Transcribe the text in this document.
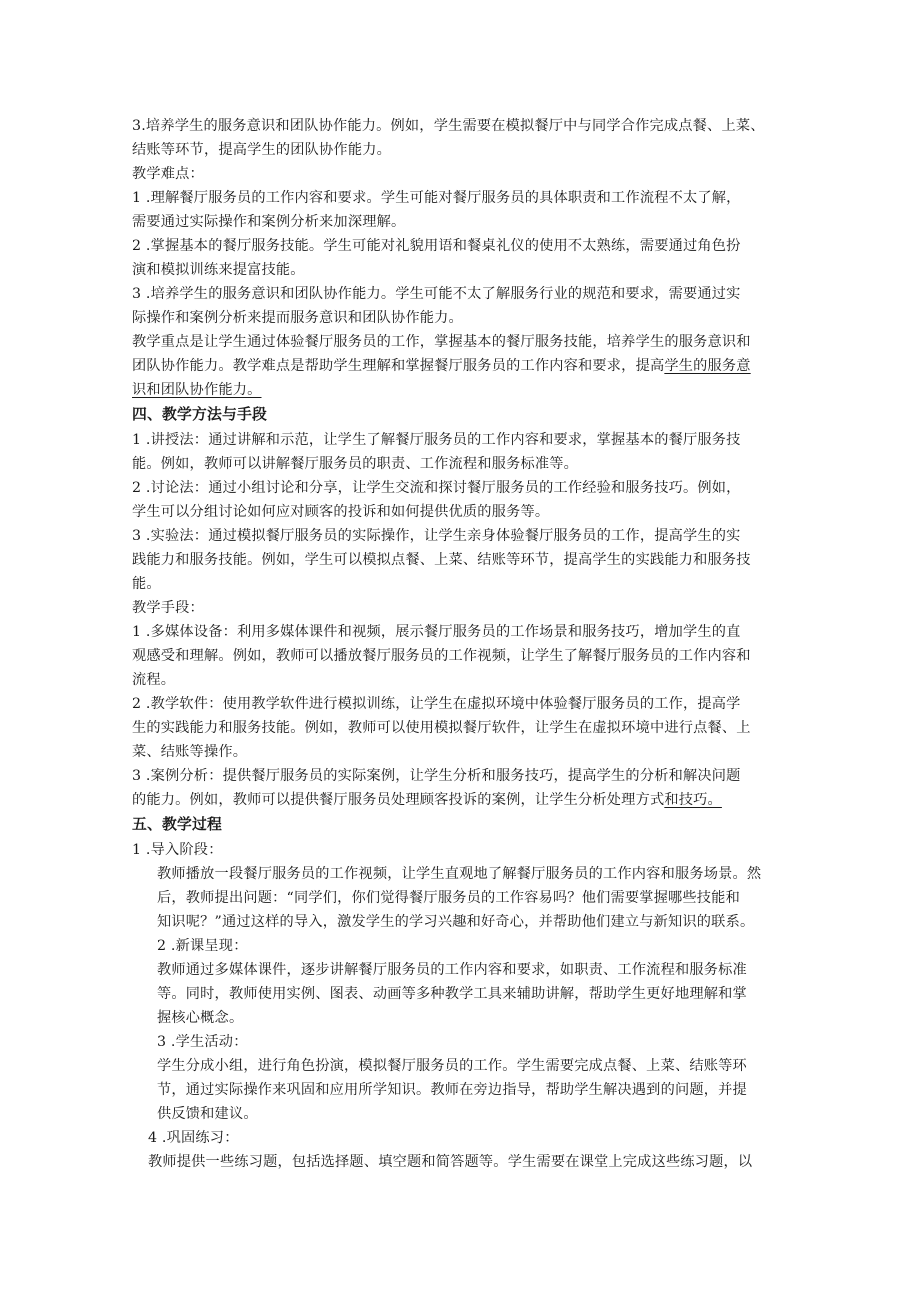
3.培养学生的服务意识和团队协作能力。例如，学生需要在模拟餐厅中与同学合作完成点餐、上菜、
结账等环节，提高学生的团队协作能力。
教学难点：
1 .理解餐厅服务员的工作内容和要求。学生可能对餐厅服务员的具体职责和工作流程不太了解，
需要通过实际操作和案例分析来加深理解。
2 .掌握基本的餐厅服务技能。学生可能对礼貌用语和餐桌礼仪的使用不太熟练，需要通过角色扮
演和模拟训练来提富技能。
3 .培养学生的服务意识和团队协作能力。学生可能不太了解服务行业的规范和要求，需要通过实
际操作和案例分析来提而服务意识和团队协作能力。
教学重点是让学生通过体验餐厅服务员的工作，掌握基本的餐厅服务技能，培养学生的服务意识和
团队协作能力。教学难点是帮助学生理解和掌握餐厅服务员的工作内容和要求，提高学生的服务意
识和团队协作能力。
四、教学方法与手段
1 .讲授法：通过讲解和示范，让学生了解餐厅服务员的工作内容和要求，掌握基本的餐厅服务技
能。例如，教师可以讲解餐厅服务员的职责、工作流程和服务标准等。
2 .讨论法：通过小组讨论和分享，让学生交流和探讨餐厅服务员的工作经验和服务技巧。例如，
学生可以分组讨论如何应对顾客的投诉和如何提供优质的服务等。
3 .实验法：通过模拟餐厅服务员的实际操作，让学生亲身体验餐厅服务员的工作，提高学生的实
践能力和服务技能。例如，学生可以模拟点餐、上菜、结账等环节，提高学生的实践能力和服务技
能。
教学手段：
1 .多媒体设备：利用多媒体课件和视频，展示餐厅服务员的工作场景和服务技巧，增加学生的直
观感受和理解。例如，教师可以播放餐厅服务员的工作视频，让学生了解餐厅服务员的工作内容和
流程。
2 .教学软件：使用教学软件进行模拟训练，让学生在虚拟环境中体验餐厅服务员的工作，提高学
生的实践能力和服务技能。例如，教师可以使用模拟餐厅软件，让学生在虚拟环境中进行点餐、上
菜、结账等操作。
3 .案例分析：提供餐厅服务员的实际案例，让学生分析和服务技巧，提高学生的分析和解决问题
的能力。例如，教师可以提供餐厅服务员处理顾客投诉的案例，让学生分析处理方式和技巧。
五、教学过程
1 .导入阶段：
教师播放一段餐厅服务员的工作视频，让学生直观地了解餐厅服务员的工作内容和服务场景。然
后，教师提出问题：“同学们，你们觉得餐厅服务员的工作容易吗？他们需要掌握哪些技能和
知识呢？”通过这样的导入，激发学生的学习兴趣和好奇心，并帮助他们建立与新知识的联系。
2 .新课呈现：
教师通过多媒体课件，逐步讲解餐厅服务员的工作内容和要求，如职责、工作流程和服务标准
等。同时，教师使用实例、图表、动画等多种教学工具来辅助讲解，帮助学生更好地理解和掌
握核心概念。
3 .学生活动：
学生分成小组，进行角色扮演，模拟餐厅服务员的工作。学生需要完成点餐、上菜、结账等环
节，通过实际操作来巩固和应用所学知识。教师在旁边指导，帮助学生解决遇到的问题，并提
供反馈和建议。
4 .巩固练习：
教师提供一些练习题，包括选择题、填空题和简答题等。学生需要在课堂上完成这些练习题，以
